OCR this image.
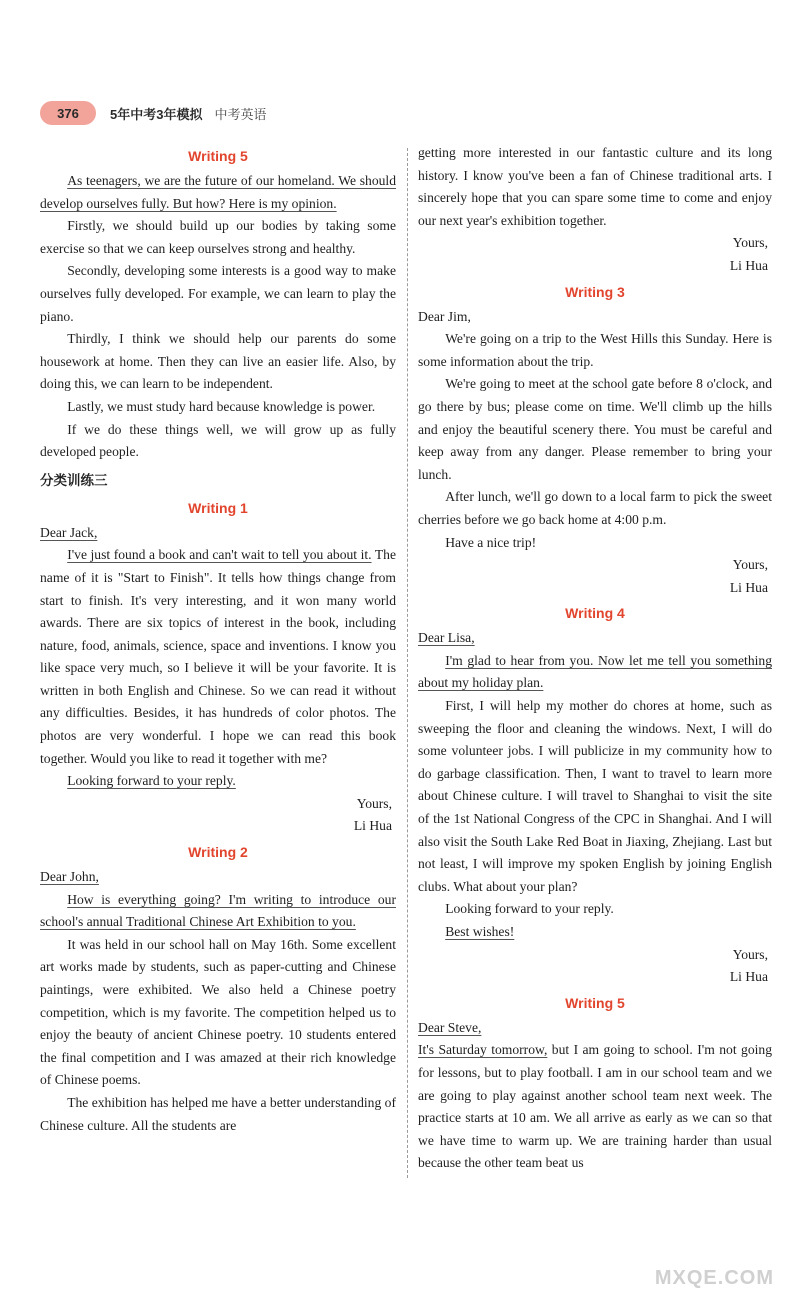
376	5年中考3年模拟 中考英语
Writing 5

As teenagers, we are the future of our homeland. We should develop ourselves fully. But how? Here is my opinion.

Firstly, we should build up our bodies by taking some exercise so that we can keep ourselves strong and healthy.

Secondly, developing some interests is a good way to make ourselves fully developed. For example, we can learn to play the piano.

Thirdly, I think we should help our parents do some housework at home. Then they can live an easier life. Also, by doing this, we can learn to be independent.

Lastly, we must study hard because knowledge is power.

If we do these things well, we will grow up as fully developed people.

分类训练三
Writing 1

Dear Jack,

I've just found a book and can't wait to tell you about it. The name of it is "Start to Finish". It tells how things change from start to finish. It's very interesting, and it won many world awards. There are six topics of interest in the book, including nature, food, animals, science, space and inventions. I know you like space very much, so I believe it will be your favorite. It is written in both English and Chinese. So we can read it without any difficulties. Besides, it has hundreds of color photos. The photos are very wonderful. I hope we can read this book together. Would you like to read it together with me?

Looking forward to your reply.

Yours,

Li Hua

Writing 2

Dear John,

How is everything going? I'm writing to introduce our school's annual Traditional Chinese Art Exhibition to you.

It was held in our school hall on May 16th. Some excellent art works made by students, such as paper-cutting and Chinese paintings, were exhibited. We also held a Chinese poetry competition, which is my favorite. The competition helped us to enjoy the beauty of ancient Chinese poetry. 10 students entered the final competition and I was amazed at their rich knowledge of Chinese poems.

The exhibition has helped me have a better understanding of Chinese culture. All the students are

getting more interested in our fantastic culture and its long history. I know you've been a fan of Chinese traditional arts. I sincerely hope that you can spare some time to come and enjoy our next year's exhibition together.

Yours,

Li Hua

Writing 3

Dear Jim,

We're going on a trip to the West Hills this Sunday. Here is some information about the trip.

We're going to meet at the school gate before 8 o'clock, and go there by bus; please come on time. We'll climb up the hills and enjoy the beautiful scenery there. You must be careful and keep away from any danger. Please remember to bring your lunch.

After lunch, we'll go down to a local farm to pick the sweet cherries before we go back home at 4:00 p.m.

Have a nice trip!

Yours,

Li Hua

Writing 4

Dear Lisa,

I'm glad to hear from you. Now let me tell you something about my holiday plan.

First, I will help my mother do chores at home, such as sweeping the floor and cleaning the windows. Next, I will do some volunteer jobs. I will publicize in my community how to do garbage classification. Then, I want to travel to learn more about Chinese culture. I will travel to Shanghai to visit the site of the 1st National Congress of the CPC in Shanghai. And I will also visit the South Lake Red Boat in Jiaxing, Zhejiang. Last but not least, I will improve my spoken English by joining English clubs. What about your plan?

Looking forward to your reply.

Best wishes!

Yours,

Li Hua

Writing 5

Dear Steve,

It's Saturday tomorrow, but I am going to school. I'm not going for lessons, but to play football. I am in our school team and we are going to play against another school team next week. The practice starts at 10 am. We all arrive as early as we can so that we have time to warm up. We are training harder than usual because the other team beat us

MXQE.COM
